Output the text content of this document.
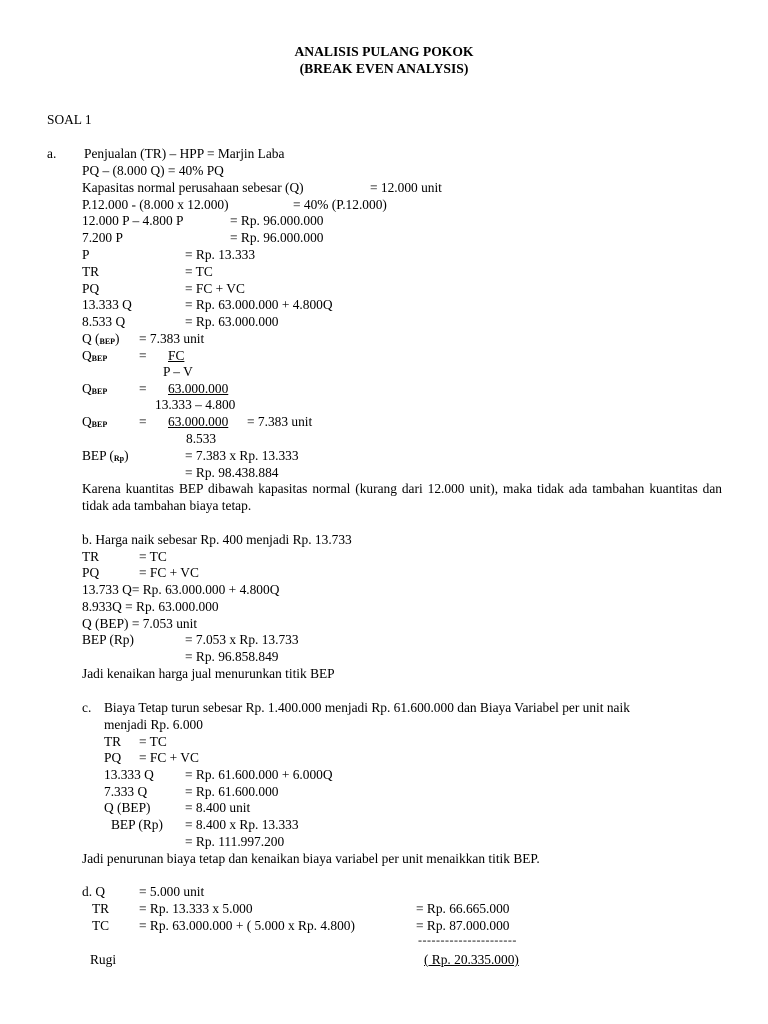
ANALISIS PULANG POKOK
(BREAK EVEN ANALYSIS)
SOAL 1
a. Penjualan (TR) – HPP = Marjin Laba
PQ – (8.000 Q) = 40% PQ
Kapasitas normal perusahaan sebesar (Q)	= 12.000 unit
P.12.000 - (8.000 x 12.000)	= 40% (P.12.000)
12.000 P – 4.800 P	= Rp. 96.000.000
7.200 P	= Rp. 96.000.000
P	= Rp. 13.333
TR	= TC
PQ	= FC + VC
13.333 Q	= Rp. 63.000.000 + 4.800Q
8.533 Q	= Rp. 63.000.000
Q $(_{BEP}) = 7.383$ unit
$Q_{BEP}$ = FC
P – V
$Q_{BEP} = 63.000.000$
13.333 – 4.800
$Q_{BEP} = 63.000.000 = 7.383$ unit
8.533
BEP $(_{Rp})$	= 7.383 x Rp. 13.333
= Rp. 98.438.884
Karena kuantitas BEP dibawah kapasitas normal (kurang dari 12.000 unit), maka tidak ada tambahan kuantitas dan tidak ada tambahan biaya tetap.
b. Harga naik sebesar Rp. 400 menjadi Rp. 13.733
TR	= TC
PQ	= FC + VC
13.733 Q= Rp. 63.000.000 + 4.800Q
8.933Q = Rp. 63.000.000
Q (BEP) = 7.053 unit
BEP (Rp)	= 7.053 x Rp. 13.733
= Rp. 96.858.849
Jadi kenaikan harga jual menurunkan titik BEP
c. Biaya Tetap turun sebesar Rp. 1.400.000 menjadi Rp. 61.600.000 dan Biaya Variabel per unit naik
menjadi Rp. 6.000
TR = TC
PQ = FC + VC
13.333 Q = Rp. 61.600.000 + 6.000Q
7.333 Q	= Rp. 61.600.000
Q (BEP)	= 8.400 unit
BEP (Rp) = 8.400 x Rp. 13.333
= Rp. 111.997.200
Jadi penurunan biaya tetap dan kenaikan biaya variabel per unit menaikkan titik BEP.
d. Q	= 5.000 unit
TR = Rp. 13.333 x 5.000	= Rp. 66.665.000
TC = Rp. 63.000.000 + ( 5.000 x Rp. 4.800)	= Rp. 87.000.000
----------------------
Rugi	( Rp. 20.335.000)
